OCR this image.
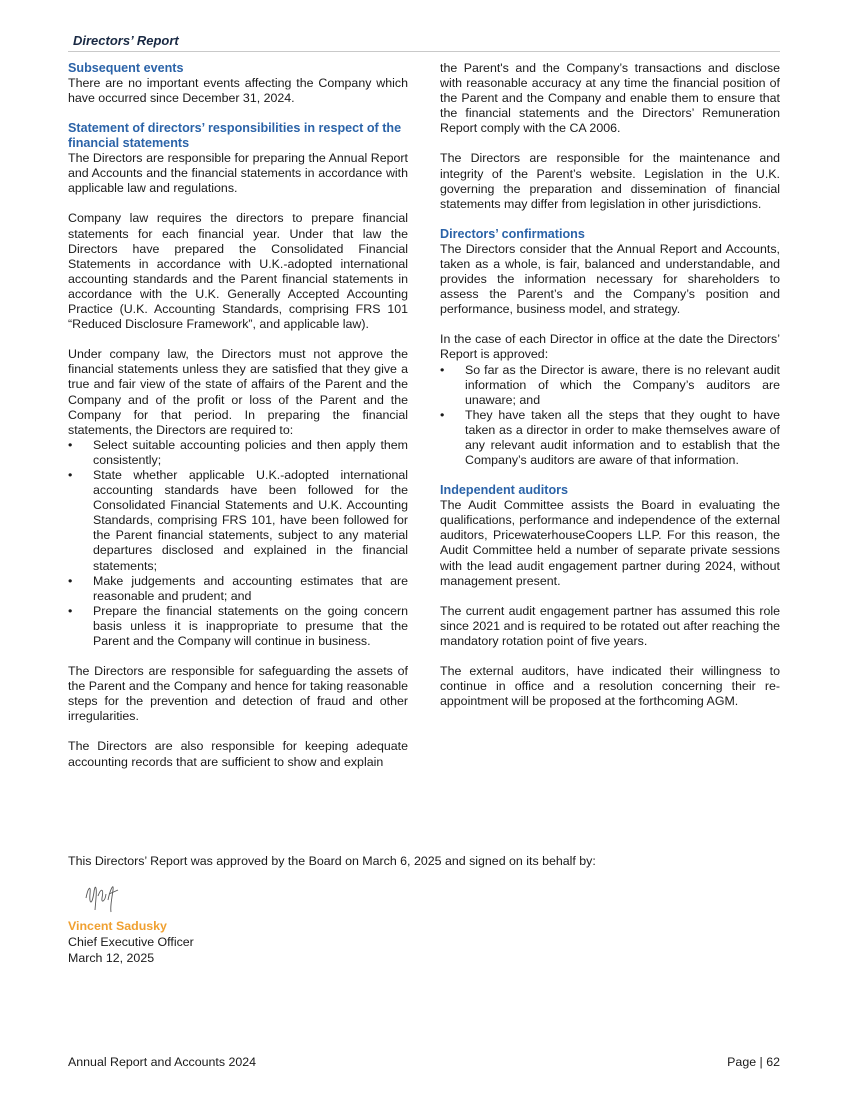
Directors’ Report
Subsequent events

There are no important events affecting the Company which have occurred since December 31, 2024.

Statement of directors’ responsibilities in respect of the financial statements

The Directors are responsible for preparing the Annual Report and Accounts and the financial statements in accordance with applicable law and regulations.

Company law requires the directors to prepare financial statements for each financial year. Under that law the Directors have prepared the Consolidated Financial Statements in accordance with U.K.-adopted international accounting standards and the Parent financial statements in accordance with the U.K. Generally Accepted Accounting Practice (U.K. Accounting Standards, comprising FRS 101 “Reduced Disclosure Framework”, and applicable law).

Under company law, the Directors must not approve the financial statements unless they are satisfied that they give a true and fair view of the state of affairs of the Parent and the Company and of the profit or loss of the Parent and the Company for that period. In preparing the financial statements, the Directors are required to:

• Select suitable accounting policies and then apply them consistently;
• State whether applicable U.K.-adopted international accounting standards have been followed for the Consolidated Financial Statements and U.K. Accounting Standards, comprising FRS 101, have been followed for the Parent financial statements, subject to any material departures disclosed and explained in the financial statements;
• Make judgements and accounting estimates that are reasonable and prudent; and
• Prepare the financial statements on the going concern basis unless it is inappropriate to presume that the Parent and the Company will continue in business.

The Directors are responsible for safeguarding the assets of the Parent and the Company and hence for taking reasonable steps for the prevention and detection of fraud and other irregularities.

The Directors are also responsible for keeping adequate accounting records that are sufficient to show and explain

the Parent's and the Company’s transactions and disclose with reasonable accuracy at any time the financial position of the Parent and the Company and enable them to ensure that the financial statements and the Directors’ Remuneration Report comply with the CA 2006.

The Directors are responsible for the maintenance and integrity of the Parent’s website. Legislation in the U.K. governing the preparation and dissemination of financial statements may differ from legislation in other jurisdictions.

Directors’ confirmations

The Directors consider that the Annual Report and Accounts, taken as a whole, is fair, balanced and understandable, and provides the information necessary for shareholders to assess the Parent’s and the Company’s position and performance, business model, and strategy.

In the case of each Director in office at the date the Directors’ Report is approved:

• So far as the Director is aware, there is no relevant audit information of which the Company’s auditors are unaware; and
• They have taken all the steps that they ought to have taken as a director in order to make themselves aware of any relevant audit information and to establish that the Company’s auditors are aware of that information.
Independent auditors

The Audit Committee assists the Board in evaluating the qualifications, performance and independence of the external auditors, PricewaterhouseCoopers LLP. For this reason, the Audit Committee held a number of separate private sessions with the lead audit engagement partner during 2024, without management present.

The current audit engagement partner has assumed this role since 2021 and is required to be rotated out after reaching the mandatory rotation point of five years.

The external auditors, have indicated their willingness to continue in office and a resolution concerning their re-appointment will be proposed at the forthcoming AGM.

This Directors’ Report was approved by the Board on March 6, 2025 and signed on its behalf by:
Vincent Sadusky
Chief Executive Officer
March 12, 2025
Annual Report and Accounts 2024	Page | 62
